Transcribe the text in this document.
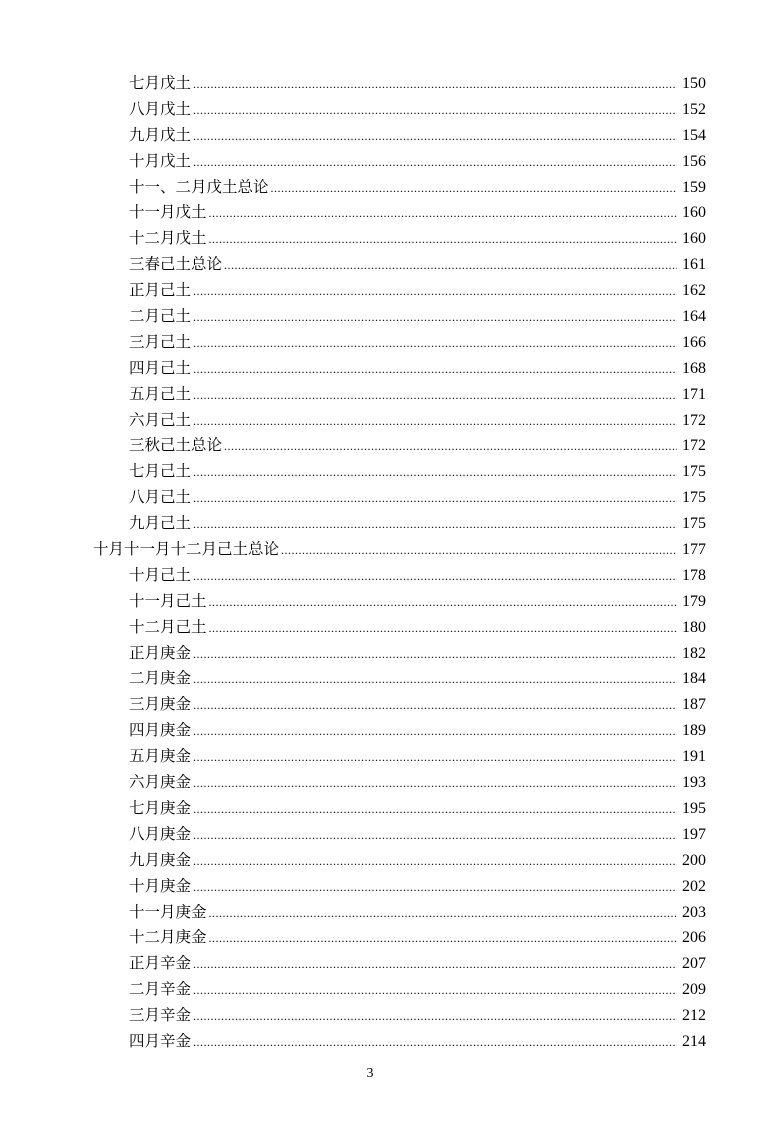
七月戊土 .....	150
八月戊土 .....	152
九月戊土 .....	154
十月戊土 .....	156
十一、二月戊土总论 .....	159
十一月戊土 .....	160
十二月戊土 .....	160
三春己土总论 .....	161
正月己土 .....	162
二月己土 .....	164
三月己土 .....	166
四月己土 .....	168
五月己土 .....	171
六月己土 .....	172
三秋己土总论 .....	172
七月己土 .....	175
八月己土 .....	175
九月己土 .....	175
十月十一月十二月己土总论 .....	177
十月己土 .....	178
十一月己土 .....	179
十二月己土 .....	180
正月庚金 .....	182
二月庚金 .....	184
三月庚金 .....	187
四月庚金 .....	189
五月庚金 .....	191
六月庚金 .....	193
七月庚金 .....	195
八月庚金 .....	197
九月庚金 .....	200
十月庚金 .....	202
十一月庚金 .....	203
十二月庚金 .....	206
正月辛金 .....	207
二月辛金 .....	209
三月辛金 .....	212
四月辛金 .....	214
3
